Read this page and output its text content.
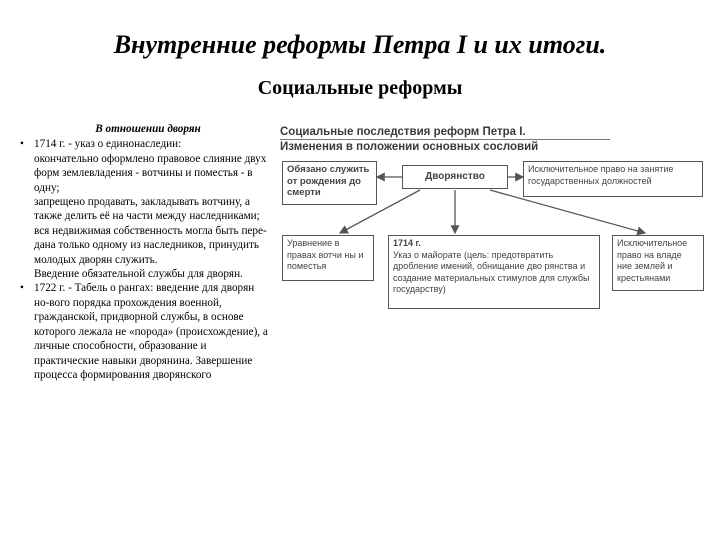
Внутренние реформы Петра I и их итоги.
Социальные реформы
В отношении дворян
• 1714 г. - указ о единонаследии:
окончательно оформлено правовое слияние двух форм землевладения - вотчины и поместья - в одну;
запрещено продавать, закладывать вотчину, а также делить её на части между наследниками;
вся недвижимая собственность могла быть пере-дана только одному из наследников, принудить молодых дворян служить.
Введение обязательной службы для дворян.
• 1722 г. - Табель о рангах: введение для дворян но-вого порядка прохождения военной, гражданской, придворной службы, в основе которого лежала не «порода» (происхождение), а личные способности, образование и практические навыки дворянина. Завершение процесса формирования дворянского
Социальные последствия реформ Петра I.
Изменения в положении основных сословий
Обязано служить от рождения до смерти
Дворянство
Исключительное право на занятие государственных должностей
Уравнение в правах вотчи ны и поместья
1714 г.
Указ о майорате (цель: предотвратить дробление имений, обнищание дво рянства и создание материальных стимулов для службы государству)
Исключительное право на владе ние землей и крестьянами
